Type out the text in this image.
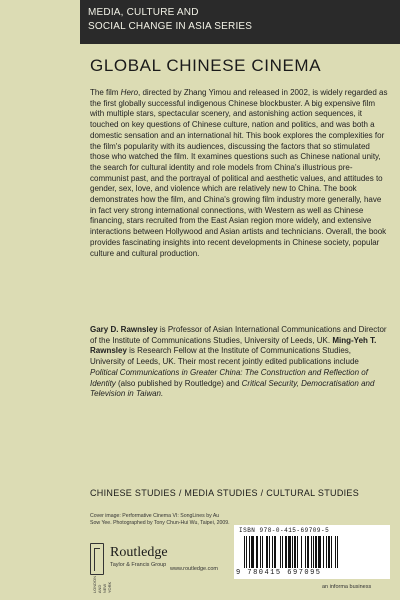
MEDIA, CULTURE AND
SOCIAL CHANGE IN ASIA SERIES
GLOBAL CHINESE CINEMA
The film Hero, directed by Zhang Yimou and released in 2002, is widely regarded as the first globally successful indigenous Chinese blockbuster. A big expensive film with multiple stars, spectacular scenery, and astonishing action sequences, it touched on key questions of Chinese culture, nation and politics, and was both a domestic sensation and an international hit. This book explores the complexities for the film's popularity with its audiences, discussing the factors that so stimulated those who watched the film. It examines questions such as Chinese national unity, the search for cultural identity and role models from China's illustrious pre-communist past, and the portrayal of political and aesthetic values, and attitudes to gender, sex, love, and violence which are relatively new to China. The book demonstrates how the film, and China's growing film industry more generally, have in fact very strong international connections, with Western as well as Chinese financing, stars recruited from the East Asian region more widely, and extensive interactions between Hollywood and Asian artists and technicians. Overall, the book provides fascinating insights into recent developments in Chinese society, popular culture and cultural production.
Gary D. Rawnsley is Professor of Asian International Communications and Director of the Institute of Communications Studies, University of Leeds, UK. Ming-Yeh T. Rawnsley is Research Fellow at the Institute of Communications Studies, University of Leeds, UK. Their most recent jointly edited publications include Political Communications in Greater China: The Construction and Reflection of Identity (also published by Routledge) and Critical Security, Democratisation and Television in Taiwan.
CHINESE STUDIES / MEDIA STUDIES / CULTURAL STUDIES
Cover image: Performative Cinema VI: SongLines by Au Sow Yee. Photographed by Tony Chun-Hui Wu, Taipei, 2009.
LONDON AND NEW YORK
Routledge
Taylor & Francis Group
www.routledge.com
ISBN 978-0-415-69709-5
9 780415 697095
an informa business
